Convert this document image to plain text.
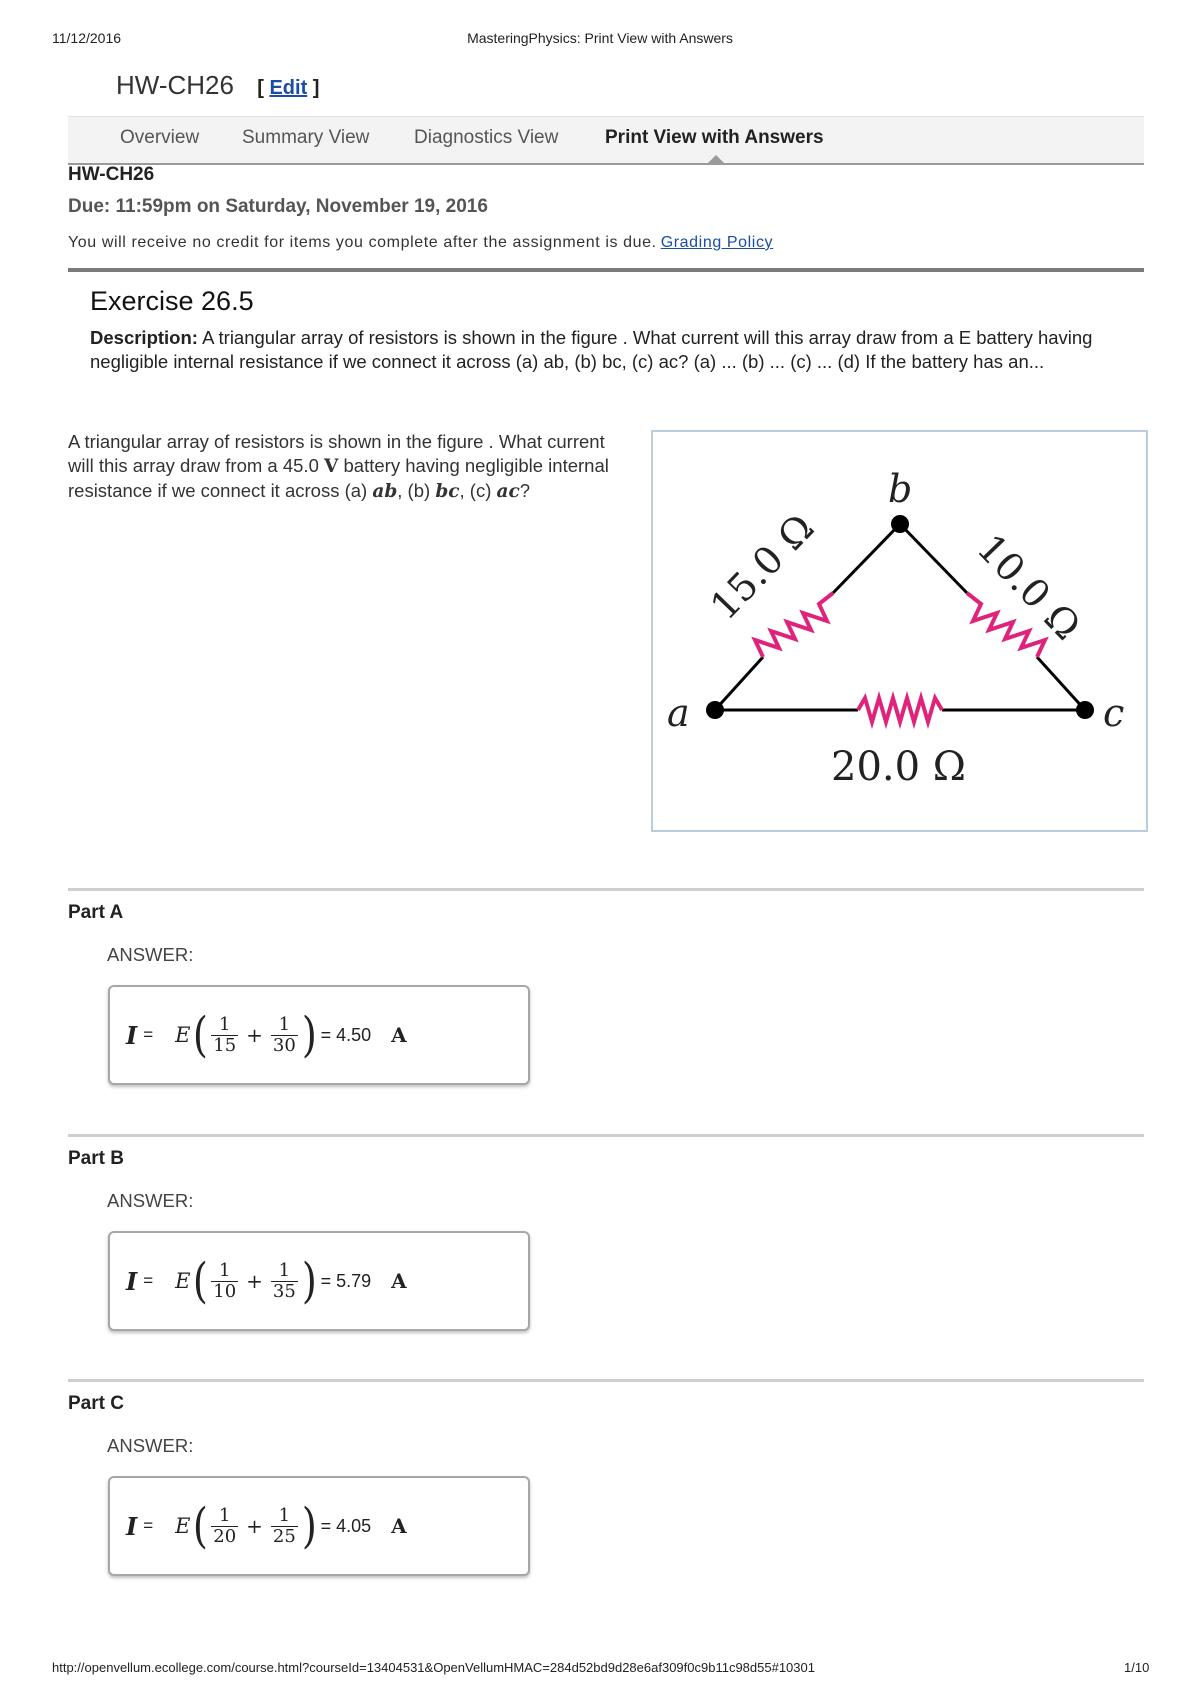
11/12/2016	MasteringPhysics: Print View with Answers
HW-CH26 [ Edit ]
Overview Summary View Diagnostics View Print View with Answers
HW-CH26
Due: 11:59pm on Saturday, November 19, 2016
You will receive no credit for items you complete after the assignment is due. Grading Policy
Exercise 26.5
Description: A triangular array of resistors is shown in the figure . What current will this array draw from a E battery having negligible internal resistance if we connect it across (a) ab, (b) bc, (c) ac? (a) ... (b) ... (c) ... (d) If the battery has an...
A triangular array of resistors is shown in the figure . What current will this array draw from a 45.0 V battery having negligible internal resistance if we connect it across (a) ab, (b) bc, (c) ac?
a
b
c
20.0 Ω
15.0 Ω	10.0 Ω
Part A
ANSWER:
I = E ( $\frac{1}{15} + \frac{1}{30}$ ) = 4.50 A
Part B
ANSWER:
I = E ( $\frac{1}{10} + \frac{1}{35}$ ) = 5.79 A
Part C
ANSWER:
I = E ( $\frac{1}{20} + \frac{1}{25}$ ) = 4.05 A
http://openvellum.ecollege.com/course.html?courseId=13404531&OpenVellumHMAC=284d52bd9d28e6af309f0c9b11c98d55#10301	1/10
